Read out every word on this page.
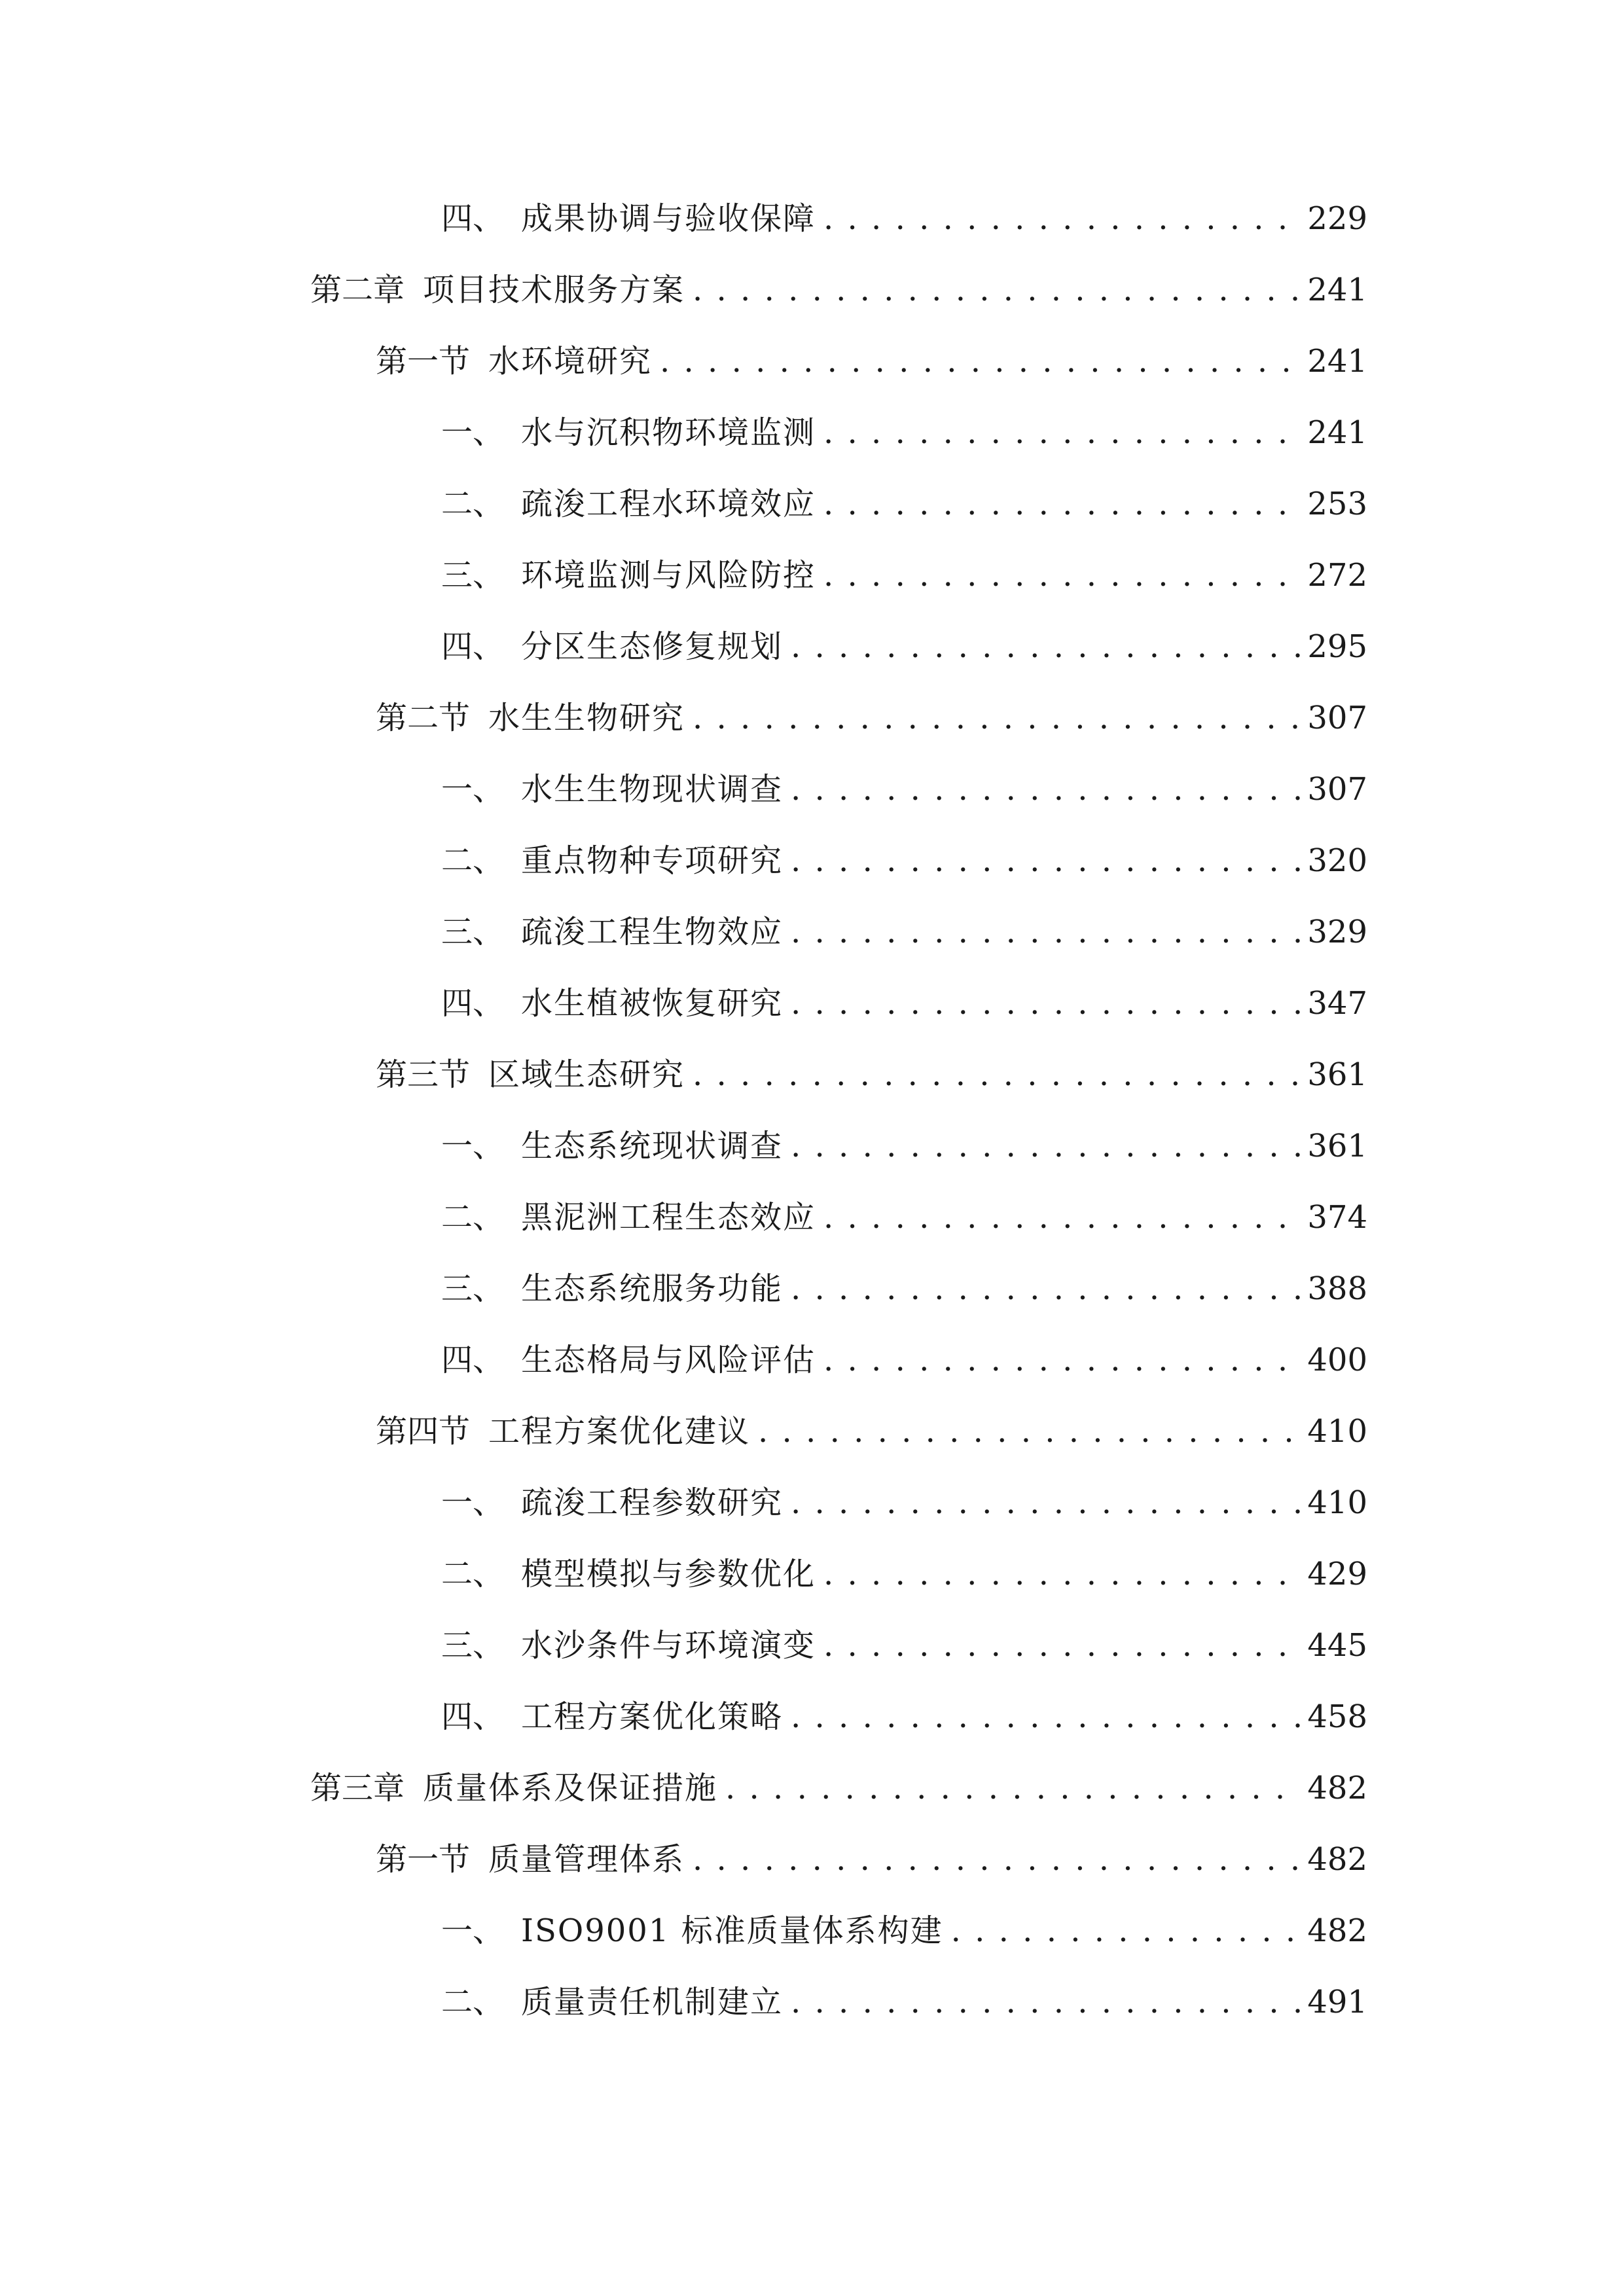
四、 成果协调与验收保障 . . .	229
第二章 项目技术服务方案 . . .	241
第一节 水环境研究 . . .	241
一、 水与沉积物环境监测 . . .	241
二、 疏浚工程水环境效应 . . .	253
三、 环境监测与风险防控 . . .	272
四、 分区生态修复规划 . . .	295
第二节 水生生物研究 . . .	307
一、 水生生物现状调查 . . .	307
二、 重点物种专项研究 . . .	320
三、 疏浚工程生物效应 . . .	329
四、 水生植被恢复研究 . . .	347
第三节 区域生态研究 . . .	361
一、 生态系统现状调查 . . .	361
二、 黑泥洲工程生态效应 . . .	374
三、 生态系统服务功能 . . .	388
四、 生态格局与风险评估 . . .	400
第四节 工程方案优化建议 . . .	410
一、 疏浚工程参数研究 . . .	410
二、 模型模拟与参数优化 . . .	429
三、 水沙条件与环境演变 . . .	445
四、 工程方案优化策略 . . .	458
第三章 质量体系及保证措施 . . .	482
第一节 质量管理体系 . . .	482
一、 ISO9001 标准质量体系构建 . . .	482
二、 质量责任机制建立 . . .	491
